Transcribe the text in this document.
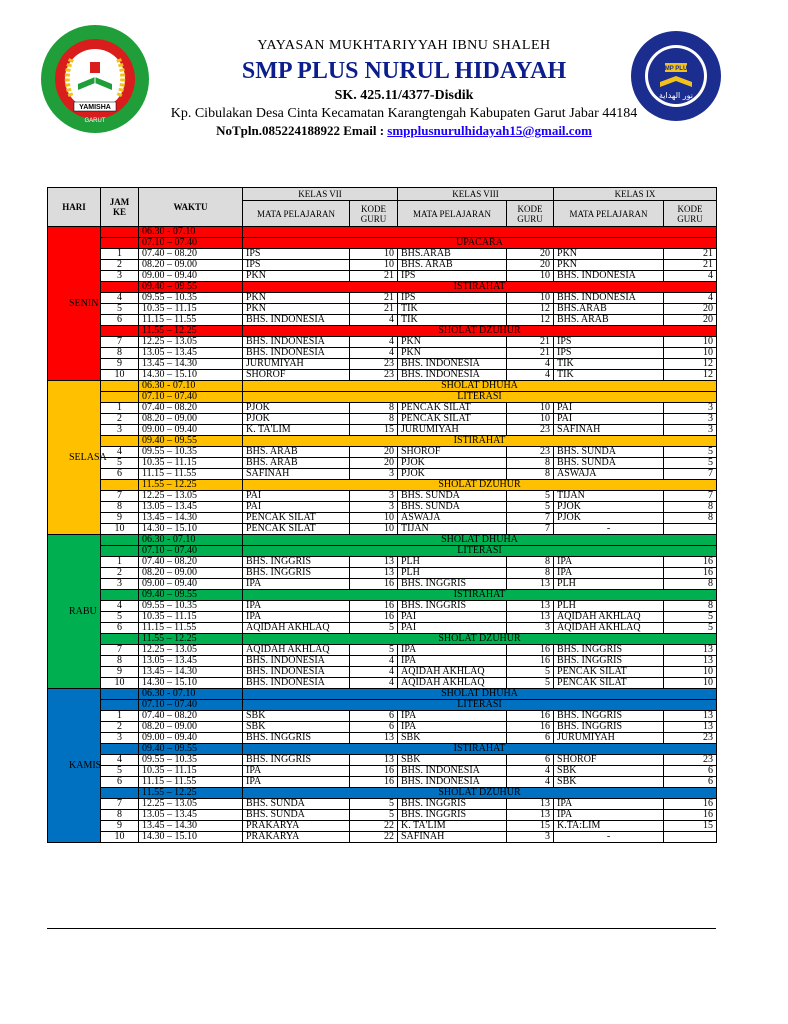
YAMISHA
GARUT
YAYASAN MUKHTARIYYAH IBNU SHALEH
SMP PLUS NURUL HIDAYAH
SK. 425.11/4377-Disdik
Kp. Cibulakan Desa Cinta Kecamatan Karangtengah Kabupaten Garut Jabar 44184
NoTpln.085224188922 Email : smpplusnurulhidayah15@gmail.com
SMP PLUS
نور الهداية
HARI	JAM KE	WAKTU	KELAS VII		KELAS VIII		KELAS IX	
			MATA PELAJARAN	KODE GURU	MATA PELAJARAN	KODE GURU	MATA PELAJARAN	KODE GURU

SENIN		06.30 - 07.10						
		07.10 – 07.40	UPACARA					
	1	07.40 – 08.20	IPS	10	BHS.ARAB	20	PKN	21
	2	08.20 – 09.00	IPS	10	BHS. ARAB	20	PKN	21
	3	09.00 – 09.40	PKN	21	IPS	10	BHS. INDONESIA	4
		09.40 – 09.55	ISTIRAHAT					
	4	09.55 – 10.35	PKN	21	IPS	10	BHS. INDONESIA	4
	5	10.35 – 11.15	PKN	21	TIK	12	BHS.ARAB	20
	6	11.15 – 11.55	BHS. INDONESIA	4	TIK	12	BHS. ARAB	20
		11.55 – 12.25	SHOLAT DZUHUR					
	7	12.25 – 13.05	BHS. INDONESIA	4	PKN	21	IPS	10
	8	13.05 – 13.45	BHS. INDONESIA	4	PKN	21	IPS	10
	9	13.45 – 14.30	JURUMIYAH	23	BHS. INDONESIA	4	TIK	12
	10	14.30 – 15.10	SHOROF	23	BHS. INDONESIA	4	TIK	12

SELASA		06.30 - 07.10	SHOLAT DHUHA					
		07.10 – 07.40	LITERASI					
	1	07.40 – 08.20	PJOK	8	PENCAK SILAT	10	PAI	3
	2	08.20 – 09.00	PJOK	8	PENCAK SILAT	10	PAI	3
	3	09.00 – 09.40	K. TA'LIM	15	JURUMIYAH	23	SAFINAH	3
		09.40 – 09.55	ISTIRAHAT					
	4	09.55 – 10.35	BHS. ARAB	20	SHOROF	23	BHS. SUNDA	5
	5	10.35 – 11.15	BHS. ARAB	20	PJOK	8	BHS. SUNDA	5
	6	11.15 – 11.55	SAFINAH	3	PJOK	8	ASWAJA	7
		11.55 – 12.25	SHOLAT DZUHUR					
	7	12.25 – 13.05	PAI	3	BHS. SUNDA	5	TIJAN	7
	8	13.05 – 13.45	PAI	3	BHS. SUNDA	5	PJOK	8
	9	13.45 – 14.30	PENCAK SILAT	10	ASWAJA	7	PJOK	8
	10	14.30 – 15.10	PENCAK SILAT	10	TIJAN	7	-	

RABU		06.30 - 07.10	SHOLAT DHUHA					
		07.10 – 07.40	LITERASI					
	1	07.40 – 08.20	BHS. INGGRIS	13	PLH	8	IPA	16
	2	08.20 – 09.00	BHS. INGGRIS	13	PLH	8	IPA	16
	3	09.00 – 09.40	IPA	16	BHS. INGGRIS	13	PLH	8
		09.40 – 09.55	ISTIRAHAT					
	4	09.55 – 10.35	IPA	16	BHS. INGGRIS	13	PLH	8
	5	10.35 – 11.15	IPA	16	PAI	13	AQIDAH AKHLAQ	5
	6	11.15 – 11.55	AQIDAH AKHLAQ	5	PAI	3	AQIDAH AKHLAQ	5
		11.55 – 12.25	SHOLAT DZUHUR					
	7	12.25 – 13.05	AQIDAH AKHLAQ	5	IPA	16	BHS. INGGRIS	13
	8	13.05 – 13.45	BHS. INDONESIA	4	IPA	16	BHS. INGGRIS	13
	9	13.45 – 14.30	BHS. INDONESIA	4	AQIDAH AKHLAQ	5	PENCAK SILAT	10
	10	14.30 – 15.10	BHS. INDONESIA	4	AQIDAH AKHLAQ	5	PENCAK SILAT	10

KAMIS		06.30 - 07.10	SHOLAT DHUHA					
		07.10 – 07.40	LITERASI					
	1	07.40 – 08.20	SBK	6	IPA	16	BHS. INGGRIS	13
	2	08.20 – 09.00	SBK	6	IPA	16	BHS. INGGRIS	13
	3	09.00 – 09.40	BHS. INGGRIS	13	SBK	6	JURUMIYAH	23
		09.40 – 09.55	ISTIRAHAT					
	4	09.55 – 10.35	BHS. INGGRIS	13	SBK	6	SHOROF	23
	5	10.35 – 11.15	IPA	16	BHS. INDONESIA	4	SBK	6
	6	11.15 – 11.55	IPA	16	BHS. INDONESIA	4	SBK	6
		11.55 – 12.25	SHOLAT DZUHUR					
	7	12.25 – 13.05	BHS. SUNDA	5	BHS. INGGRIS	13	IPA	16
	8	13.05 – 13.45	BHS. SUNDA	5	BHS. INGGRIS	13	IPA	16
	9	13.45 – 14.30	PRAKARYA	22	K. TA'LIM	15	K.TA:LIM	15
	10	14.30 – 15.10	PRAKARYA	22	SAFINAH	3	-	
